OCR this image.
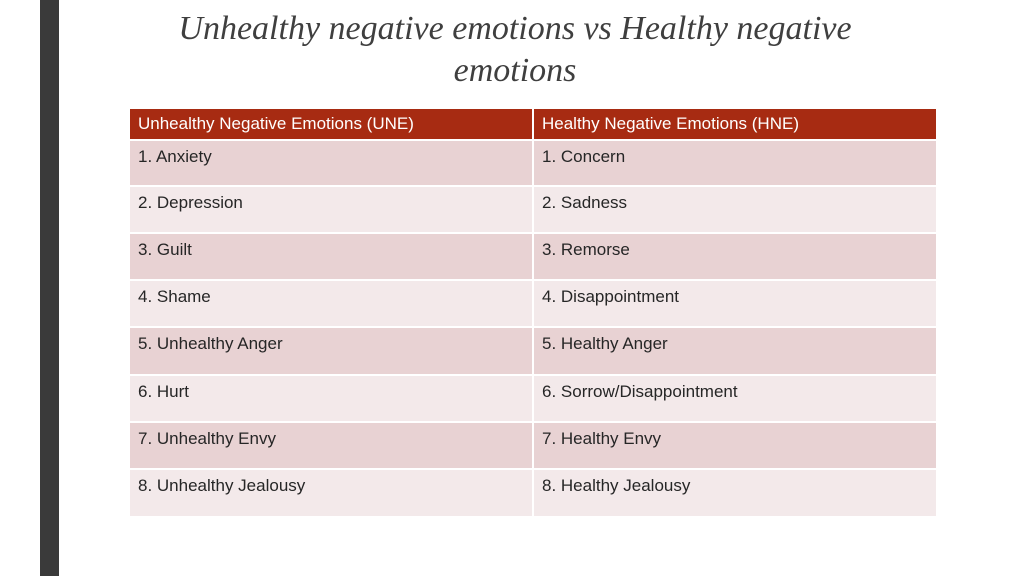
Unhealthy negative emotions vs Healthy negative emotions
Unhealthy Negative Emotions (UNE)	Healthy Negative Emotions (HNE)
1. Anxiety	1. Concern
2. Depression	2. Sadness
3. Guilt	3. Remorse
4. Shame	4. Disappointment
5. Unhealthy Anger	5. Healthy Anger
6. Hurt	6. Sorrow/Disappointment
7. Unhealthy Envy	7. Healthy Envy
8. Unhealthy Jealousy	8. Healthy Jealousy
